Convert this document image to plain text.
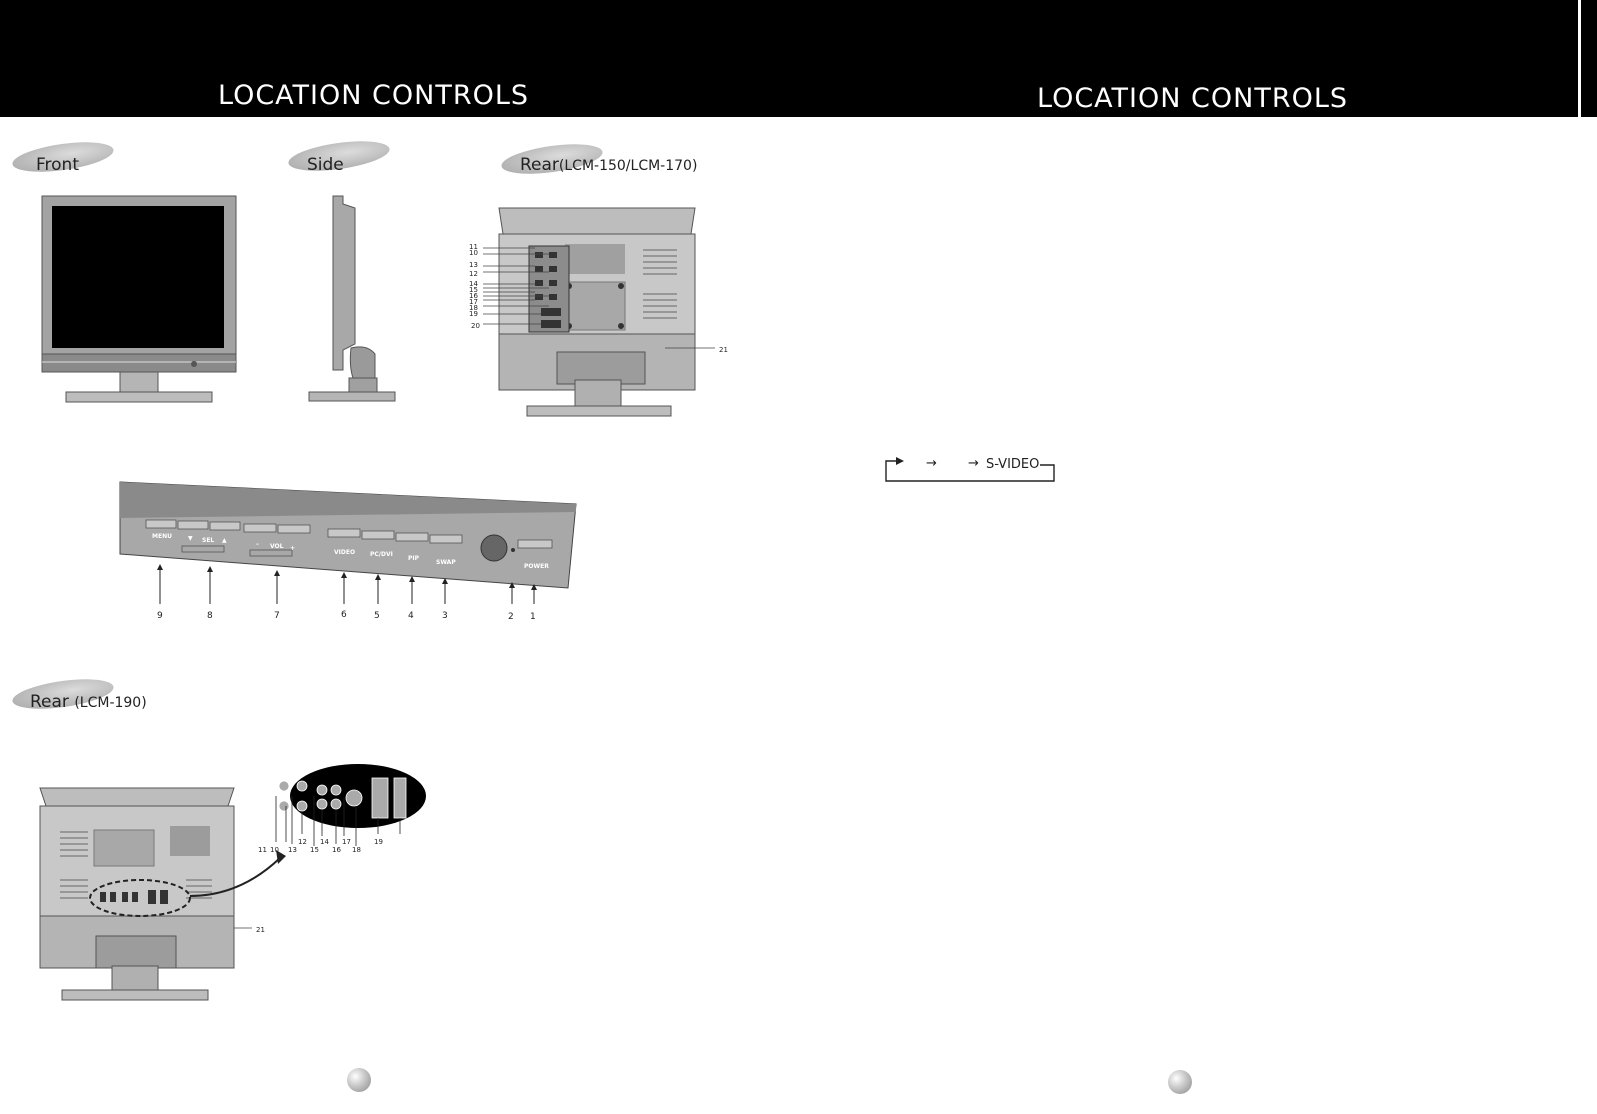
LOCATION CONTROLS	LOCATION CONTROLS
Front	Side	Rear(LCM-150/LCM-170)
Rear (LCM-190)
11
10
13
12
14
15
16
17
18
19
20
21
MENU	▼ SEL ▲
– VOL +
VIDEO PC/DVI
PIP
SWAP
POWER
9	8	7	6	5	4	3	2 1
11 10 13
12
15
14
16
17
18
19
21
→ → S-VIDEO
